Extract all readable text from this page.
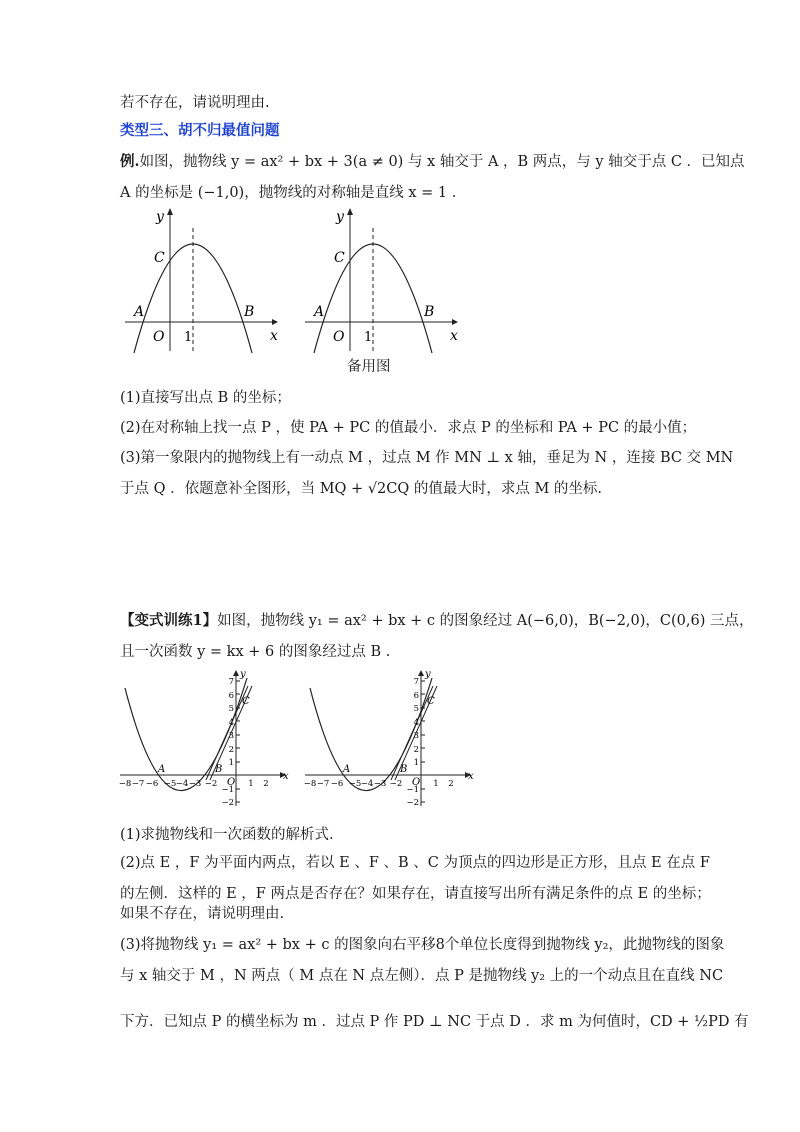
若不存在，请说明理由.
类型三、胡不归最值问题
例.如图，抛物线 y = ax² + bx + 3(a ≠ 0) 与 x 轴交于 A ，B 两点，与 y 轴交于点 C ．已知点
A 的坐标是 (−1,0)，抛物线的对称轴是直线 x = 1 .
y
x
C
A	B
O 1
y
x
C
A	B
O 1
备用图
(1)直接写出点 B 的坐标；
(2)在对称轴上找一点 P ，使 PA + PC 的值最小．求点 P 的坐标和 PA + PC 的最小值；
(3)第一象限内的抛物线上有一动点 M ，过点 M 作 MN ⊥ x 轴，垂足为 N ，连接 BC 交 MN
于点 Q ．依题意补全图形，当 MQ + √2CQ 的值最大时，求点 M 的坐标.
【变式训练1】如图，抛物线 y₁ = ax² + bx + c 的图象经过 A(−6,0)，B(−2,0)，C(0,6) 三点，
且一次函数 y = kx + 6 的图象经过点 B .
−8 −7 −6 −5 −4 −3 −2	1 2
7
6
5
4
3
2
1
−1
−2
A	B
C
O
x
y
−8 −7 −6 −5 −4 −3 −2	1 2
7
6
5
4
3
2
1
−1
−2
A	B
C
O
x
y
(1)求抛物线和一次函数的解析式.
(2)点 E ，F 为平面内两点，若以 E 、F 、B 、C 为顶点的四边形是正方形，且点 E 在点 F
的左侧．这样的 E ，F 两点是否存在？如果存在，请直接写出所有满足条件的点 E 的坐标；
如果不存在，请说明理由.
(3)将抛物线 y₁ = ax² + bx + c 的图象向右平移8个单位长度得到抛物线 y₂，此抛物线的图象
与 x 轴交于 M ，N 两点（ M 点在 N 点左侧）．点 P 是抛物线 y₂ 上的一个动点且在直线 NC
下方．已知点 P 的横坐标为 m ．过点 P 作 PD ⊥ NC 于点 D ．求 m 为何值时，CD + ½PD 有
